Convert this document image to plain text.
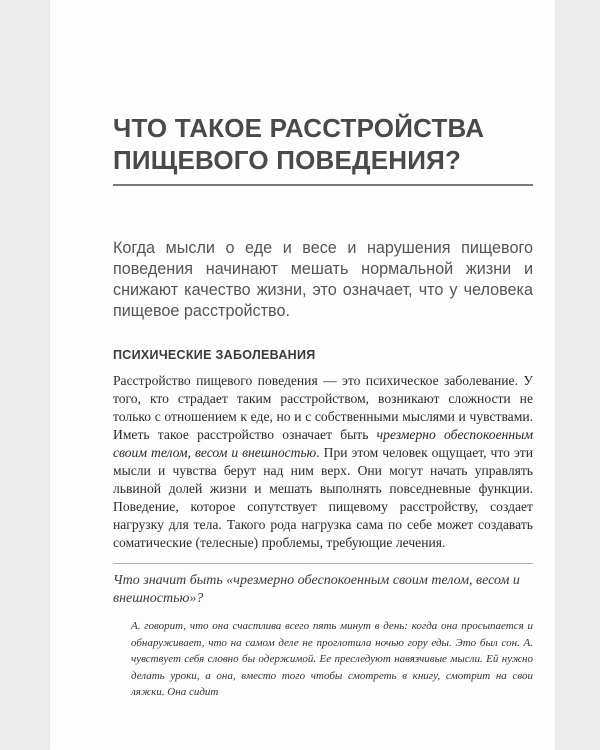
ЧТО ТАКОЕ РАССТРОЙСТВА
ПИЩЕВОГО ПОВЕДЕНИЯ?

Когда мысли о еде и весе и нарушения пищевого поведения начинают мешать нормальной жизни и снижают качество жизни, это означает, что у человека пищевое расстройство.

ПСИХИЧЕСКИЕ ЗАБОЛЕВАНИЯ

Расстройство пищевого поведения — это психическое заболевание. У того, кто страдает таким расстройством, возникают сложности не только с отношением к еде, но и с собственными мыслями и чувствами. Иметь такое расстройство означает быть чрезмерно обеспокоенным своим телом, весом и внешностью. При этом человек ощущает, что эти мысли и чувства берут над ним верх. Они могут начать управлять львиной долей жизни и мешать выполнять повседневные функции. Поведение, которое сопутствует пищевому расстройству, создает нагрузку для тела. Такого рода нагрузка сама по себе может создавать соматические (телесные) проблемы, требующие лечения.

Что значит быть «чрезмерно обеспокоенным своим телом, весом и внешностью»?

А. говорит, что она счастлива всего пять минут в день: когда она просыпается и обнаруживает, что на самом деле не проглотила ночью гору еды. Это был сон. А. чувствует себя словно бы одержимой. Ее преследуют навязчивые мысли. Ей нужно делать уроки, а она, вместо того чтобы смотреть в книгу, смотрит на свои ляжки. Она сидит
